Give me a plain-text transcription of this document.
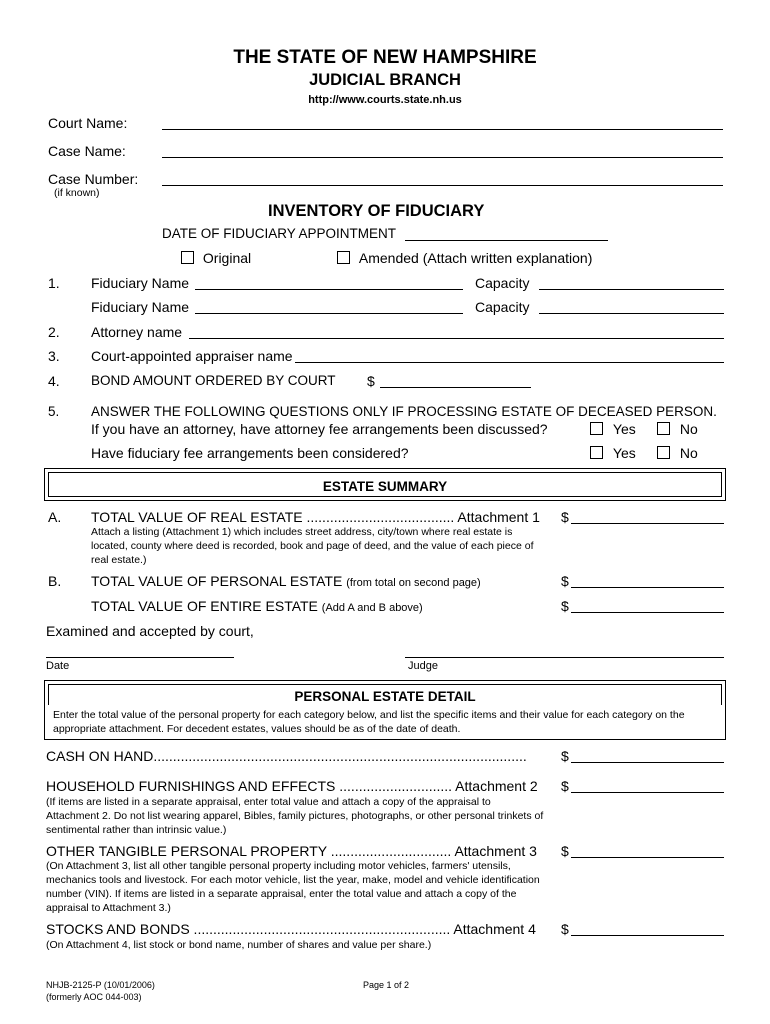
THE STATE OF NEW HAMPSHIRE
JUDICIAL BRANCH
http://www.courts.state.nh.us
Court Name:
Case Name:
Case Number:
(if known)
INVENTORY OF FIDUCIARY
DATE OF FIDUCIARY APPOINTMENT
Original	Amended (Attach written explanation)
1. Fiduciary Name	Capacity
Fiduciary Name	Capacity
2. Attorney name
3. Court-appointed appraiser name
4. BOND AMOUNT ORDERED BY COURT $
5. ANSWER THE FOLLOWING QUESTIONS ONLY IF PROCESSING ESTATE OF DECEASED PERSON.
If you have an attorney, have attorney fee arrangements been discussed?	Yes	No
Have fiduciary fee arrangements been considered?	Yes	No
ESTATE SUMMARY
A. TOTAL VALUE OF REAL ESTATE ...................................... Attachment 1 $
Attach a listing (Attachment 1) which includes street address, city/town where real estate is located, county where deed is recorded, book and page of deed, and the value of each piece of real estate.)
B. TOTAL VALUE OF PERSONAL ESTATE (from total on second page)	$
TOTAL VALUE OF ENTIRE ESTATE (Add A and B above)	$
Examined and accepted by court,
Date	Judge
PERSONAL ESTATE DETAIL
Enter the total value of the personal property for each category below, and list the specific items and their value for each category on the appropriate attachment. For decedent estates, values should be as of the date of death.
CASH ON HAND................................................................................................ $
HOUSEHOLD FURNISHINGS AND EFFECTS ............................. Attachment 2 $
(If items are listed in a separate appraisal, enter total value and attach a copy of the appraisal to Attachment 2. Do not list wearing apparel, Bibles, family pictures, photographs, or other personal trinkets of sentimental rather than intrinsic value.)
OTHER TANGIBLE PERSONAL PROPERTY ............................... Attachment 3 $
(On Attachment 3, list all other tangible personal property including motor vehicles, farmers' utensils, mechanics tools and livestock. For each motor vehicle, list the year, make, model and vehicle identification number (VIN). If items are listed in a separate appraisal, enter the total value and attach a copy of the appraisal to Attachment 3.)
STOCKS AND BONDS .................................................................. Attachment 4 $
(On Attachment 4, list stock or bond name, number of shares and value per share.)
NHJB-2125-P (10/01/2006)
(formerly AOC 044-003)
Page 1 of 2
